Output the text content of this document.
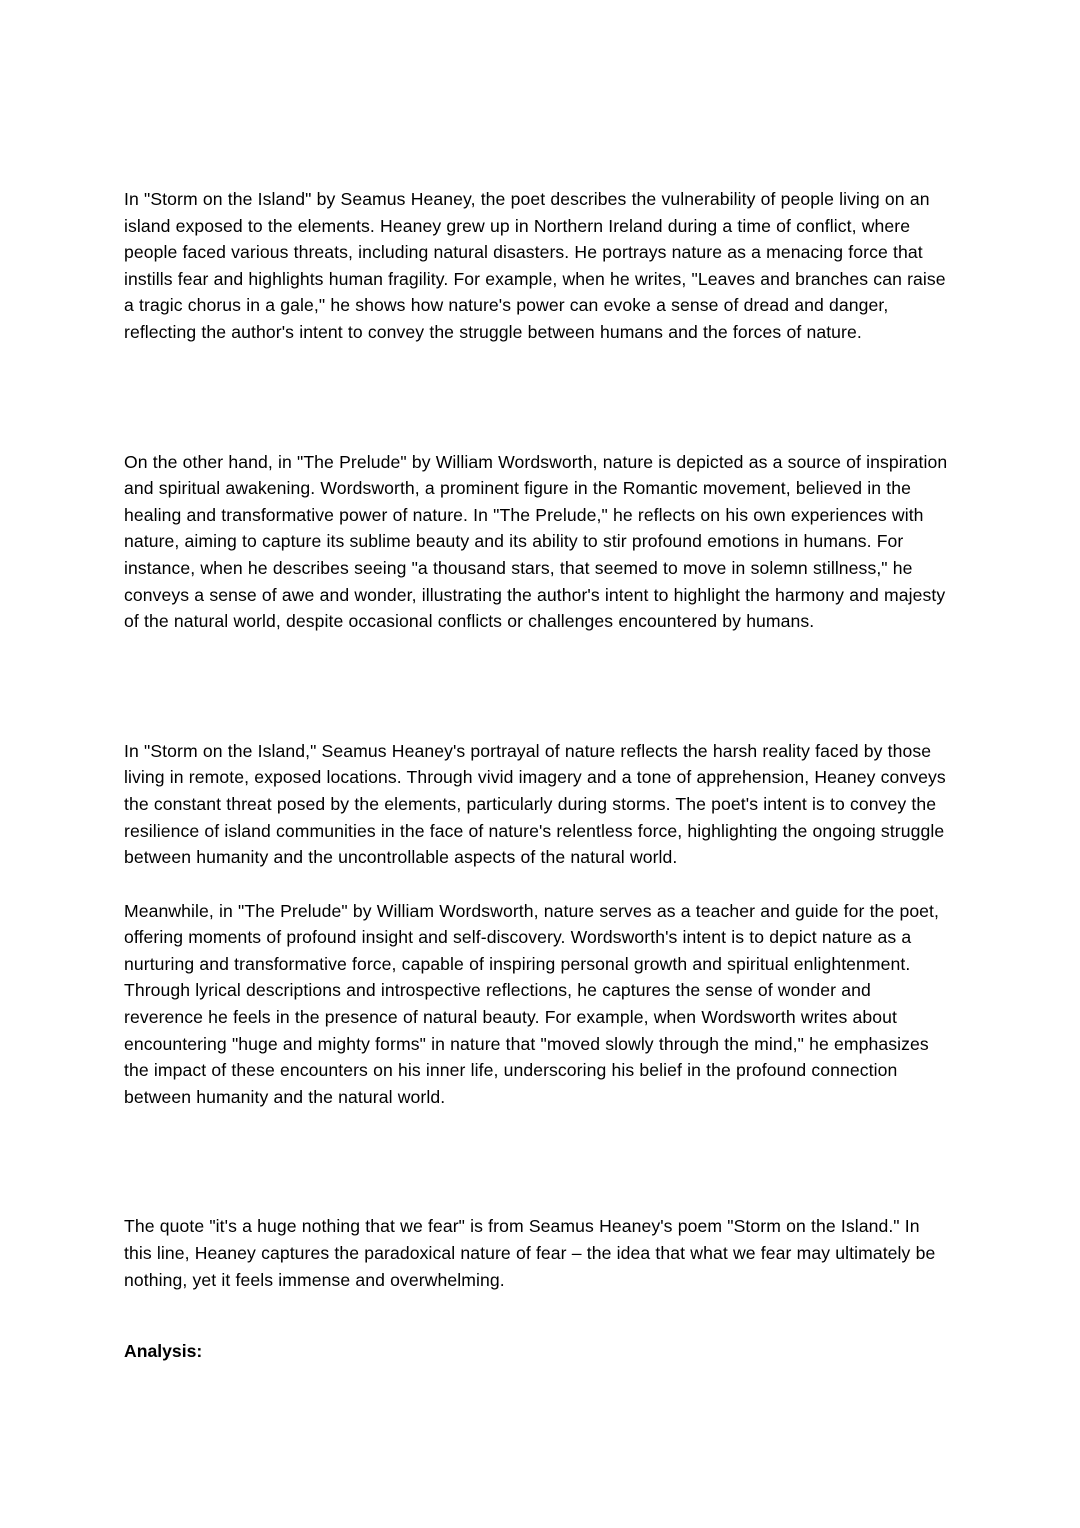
In "Storm on the Island" by Seamus Heaney, the poet describes the vulnerability of people living on an island exposed to the elements. Heaney grew up in Northern Ireland during a time of conflict, where people faced various threats, including natural disasters. He portrays nature as a menacing force that instills fear and highlights human fragility. For example, when he writes, "Leaves and branches can raise a tragic chorus in a gale," he shows how nature's power can evoke a sense of dread and danger, reflecting the author's intent to convey the struggle between humans and the forces of nature.

On the other hand, in "The Prelude" by William Wordsworth, nature is depicted as a source of inspiration and spiritual awakening. Wordsworth, a prominent figure in the Romantic movement, believed in the healing and transformative power of nature. In "The Prelude," he reflects on his own experiences with nature, aiming to capture its sublime beauty and its ability to stir profound emotions in humans. For instance, when he describes seeing "a thousand stars, that seemed to move in solemn stillness," he conveys a sense of awe and wonder, illustrating the author's intent to highlight the harmony and majesty of the natural world, despite occasional conflicts or challenges encountered by humans.

In "Storm on the Island," Seamus Heaney's portrayal of nature reflects the harsh reality faced by those living in remote, exposed locations. Through vivid imagery and a tone of apprehension, Heaney conveys the constant threat posed by the elements, particularly during storms. The poet's intent is to convey the resilience of island communities in the face of nature's relentless force, highlighting the ongoing struggle between humanity and the uncontrollable aspects of the natural world.

Meanwhile, in "The Prelude" by William Wordsworth, nature serves as a teacher and guide for the poet, offering moments of profound insight and self-discovery. Wordsworth's intent is to depict nature as a nurturing and transformative force, capable of inspiring personal growth and spiritual enlightenment. Through lyrical descriptions and introspective reflections, he captures the sense of wonder and reverence he feels in the presence of natural beauty. For example, when Wordsworth writes about encountering "huge and mighty forms" in nature that "moved slowly through the mind," he emphasizes the impact of these encounters on his inner life, underscoring his belief in the profound connection between humanity and the natural world.

The quote "it's a huge nothing that we fear" is from Seamus Heaney's poem "Storm on the Island." In this line, Heaney captures the paradoxical nature of fear – the idea that what we fear may ultimately be nothing, yet it feels immense and overwhelming.

Analysis:
